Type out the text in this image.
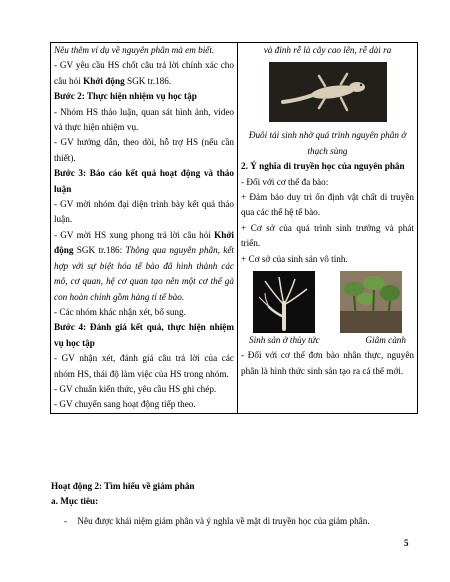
Nêu thêm ví dụ về nguyên phân mà em biết.

- GV yêu cầu HS chốt câu trả lời chính xác cho câu hỏi Khởi động SGK tr.186.

Bước 2: Thực hiện nhiệm vụ học tập

- Nhóm HS thảo luận, quan sát hình ảnh, video và thực hiện nhiệm vụ.

- GV hướng dẫn, theo dõi, hỗ trợ HS (nếu cần thiết).

Bước 3: Báo cáo kết quả hoạt động và thảo luận

- GV mời nhóm đại diện trình bày kết quả thảo luận.

- GV mời HS xung phong trả lời câu hỏi Khởi động SGK tr.186: Thông qua nguyên phân, kết hợp với sự biệt hóa tế bào đã hình thành các mô, cơ quan, hệ cơ quan tạo nên một cơ thể gà con hoàn chỉnh gồm hàng tỉ tế bào.

- Các nhóm khác nhận xét, bổ sung.

Bước 4: Đánh giá kết quả, thực hiện nhiệm vụ học tập

- GV nhận xét, đánh giá câu trả lời của các nhóm HS, thái độ làm việc của HS trong nhóm.

- GV chuẩn kiến thức, yêu cầu HS ghi chép.

- GV chuyển sang hoạt động tiếp theo.

và đỉnh rễ là cây cao lên, rễ dài ra

Đuôi tái sinh nhờ quá trình nguyên phân ở thạch sùng

2. Ý nghĩa di truyền học của nguyên phân

- Đối với cơ thể đa bào:

+ Đảm bảo duy trì ổn định vật chất di truyền qua các thế hệ tế bào.

+ Cơ sở của quá trình sinh trưởng và phát triển.

+ Cơ sở của sinh sản vô tính.

Sinh sản ở thủy tức	Giâm cành

- Đối với cơ thể đơn bào nhân thực, nguyên phân là hình thức sinh sản tạo ra cá thể mới.

Hoạt động 2: Tìm hiểu về giảm phân
a. Mục tiêu:
- Nêu được khái niệm giảm phân và ý nghĩa về mặt di truyền học của giảm phân.
5
